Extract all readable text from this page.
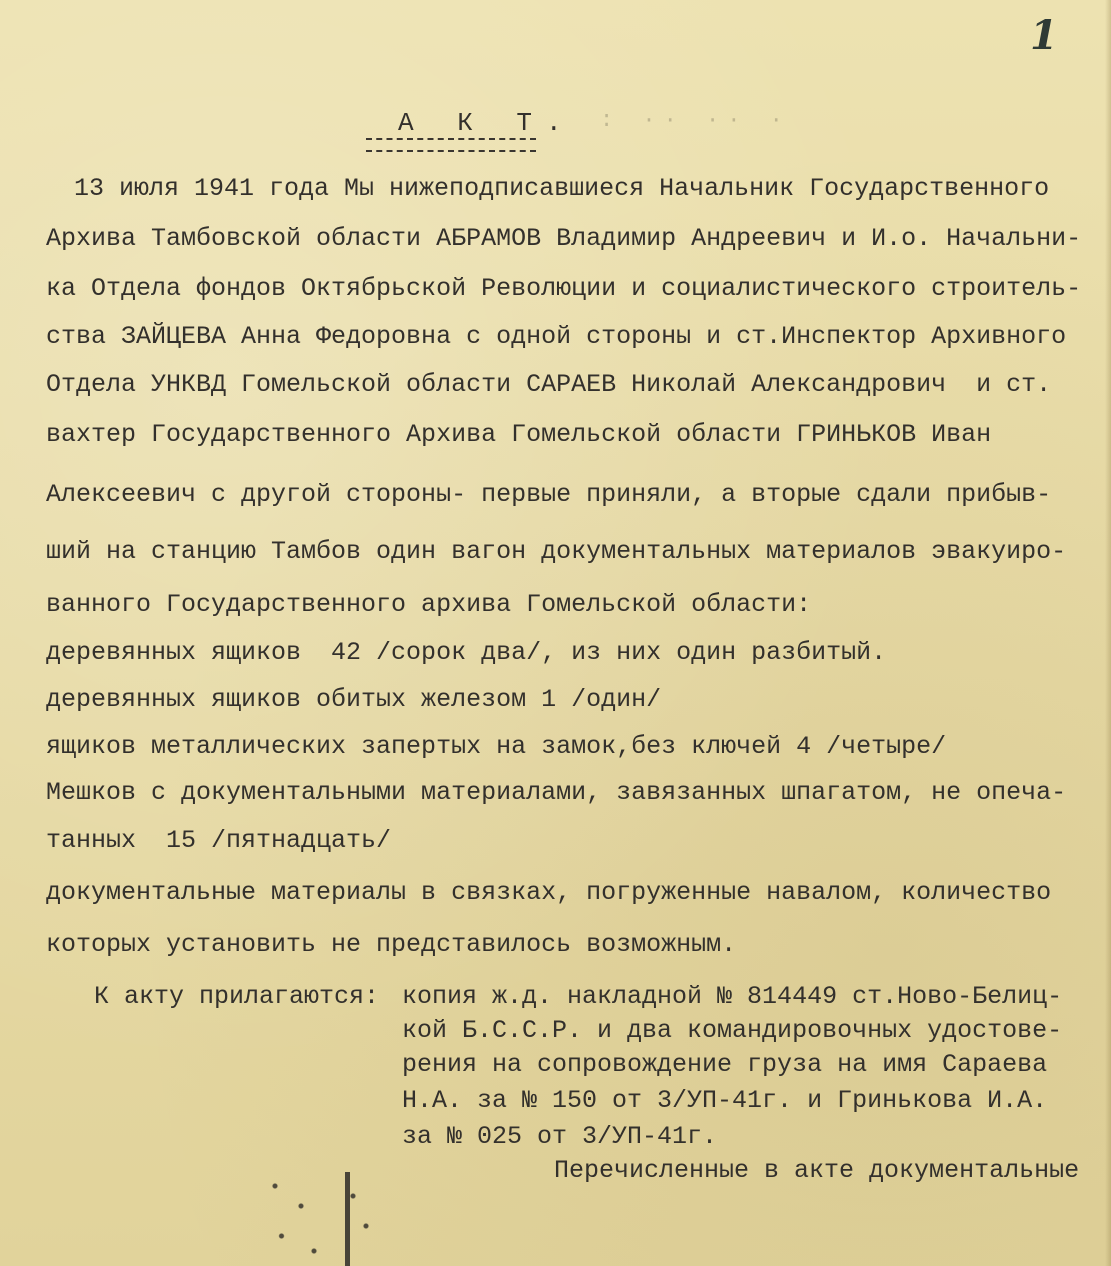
1
: ·· ·· ·
А К Т.
13 июля 1941 года Мы нижеподписавшиеся Начальник Государственного
Архива Тамбовской области АБРАМОВ Владимир Андреевич и И.о. Начальни-
ка Отдела фондов Октябрьской Революции и социалистического строитель-
ства ЗАЙЦЕВА Анна Федоровна с одной стороны и ст.Инспектор Архивного
Отдела УНКВД Гомельской области САРАЕВ Николай Александрович  и ст.
вахтер Государственного Архива Гомельской области ГРИНЬКОВ Иван
Алексеевич с другой стороны- первые приняли, а вторые сдали прибыв-
ший на станцию Тамбов один вагон документальных материалов эвакуиро-
ванного Государственного архива Гомельской области:
деревянных ящиков  42 /сорок два/, из них один разбитый.
деревянных ящиков обитых железом 1 /один/
ящиков металлических запертых на замок,без ключей 4 /четыре/
Мешков с документальными материалами, завязанных шпагатом, не опеча-
танных  15 /пятнадцать/
документальные материалы в связках, погруженные навалом, количество
которых установить не представилось возможным.
К акту прилагаются: копия ж.д. накладной № 814449 ст.Ново-Белиц-
кой Б.С.С.Р. и два командировочных удостове-
рения на сопровождение груза на имя Сараева
Н.А. за № 150 от 3/УП-41г. и Гринькова И.А.
за № 025 от 3/УП-41г.
Перечисленные в акте документальные
